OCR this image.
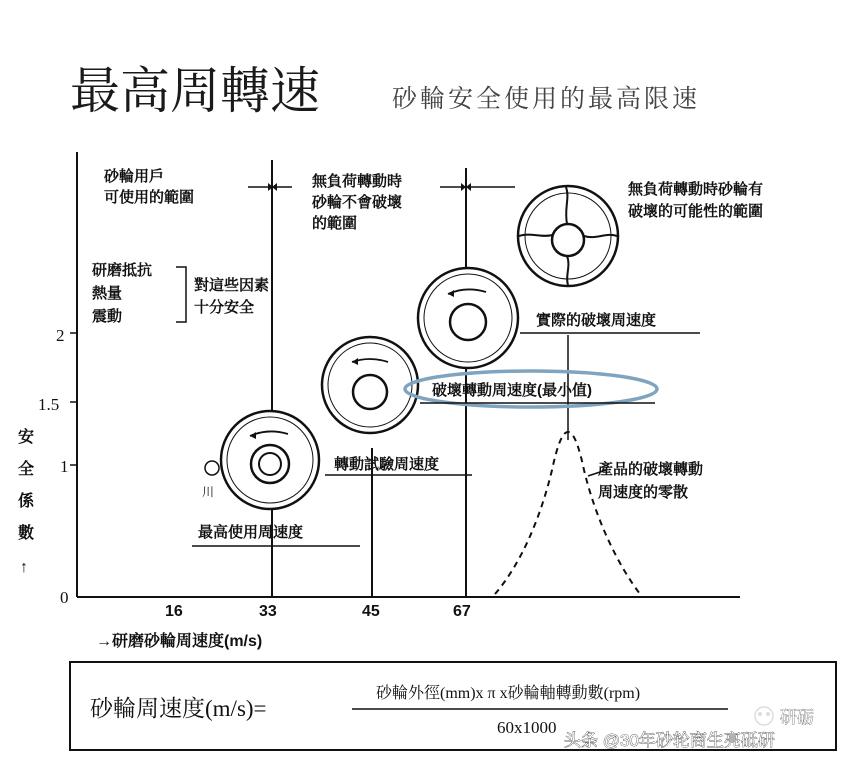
最高周轉速	砂輪安全使用的最高限速
2
1.5
1
0
安
全
係
數
↑
砂輪用戶
可使用的範圍
無負荷轉動時
砂輪不會破壞
的範圍
無負荷轉動時砂輪有
破壞的可能性的範圍
研磨抵抗
熱量
震動
對這些因素
十分安全
川
實際的破壞周速度
破壞轉動周速度(最小值)
轉動試驗周速度
最高使用周速度
產品的破壞轉動
周速度的零散
16	33	45	67
→研磨砂輪周速度(m/s)
砂輪周速度(m/s)=
砂輪外徑(mm)x π x砂輪軸轉動數(rpm)
60x1000
头条 @30年砂轮商生亮砥研
研砺
